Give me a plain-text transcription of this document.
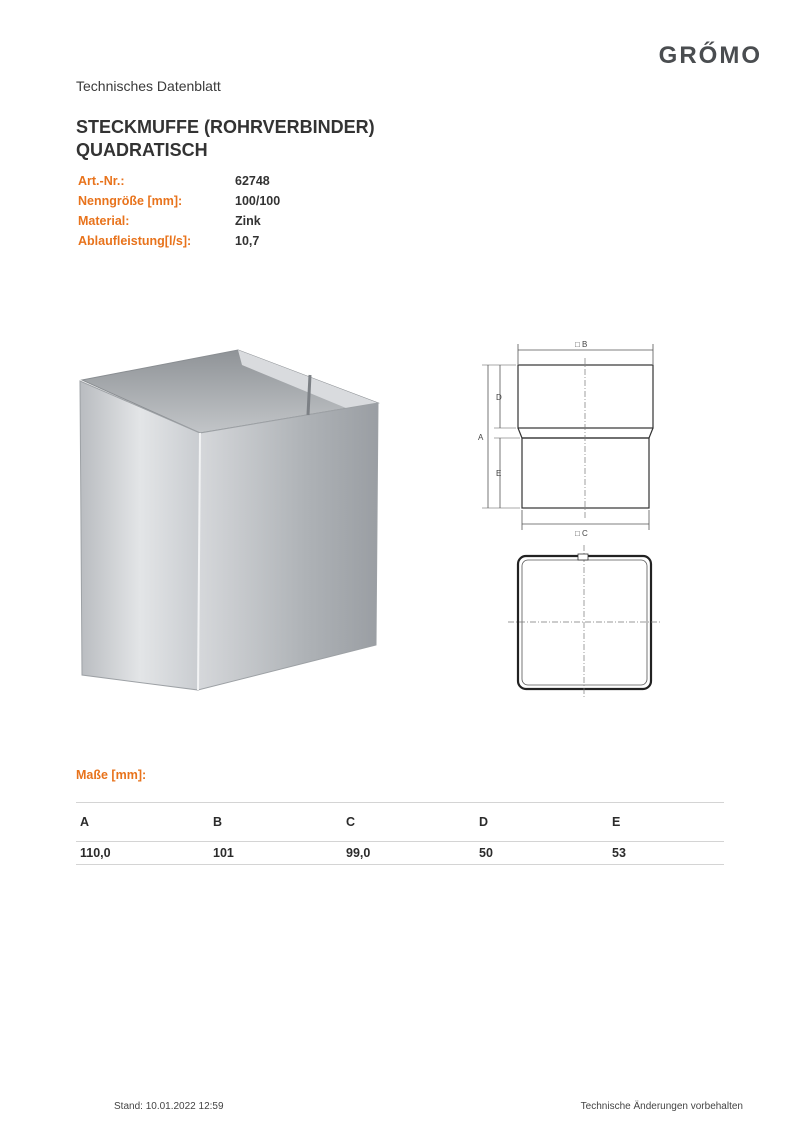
GRŐMO
Technisches Datenblatt
STECKMUFFE (ROHRVERBINDER)
QUADRATISCH
Art.-Nr.:	62748
Nenngröße [mm]:	100/100
Material:	Zink
Ablaufleistung[l/s]:	10,7
□ B
□ C
A
D
E
Maße [mm]:
A	B	C	D	E
110,0	101	99,0	50	53
Stand: 10.01.2022 12:59	Technische Änderungen vorbehalten
